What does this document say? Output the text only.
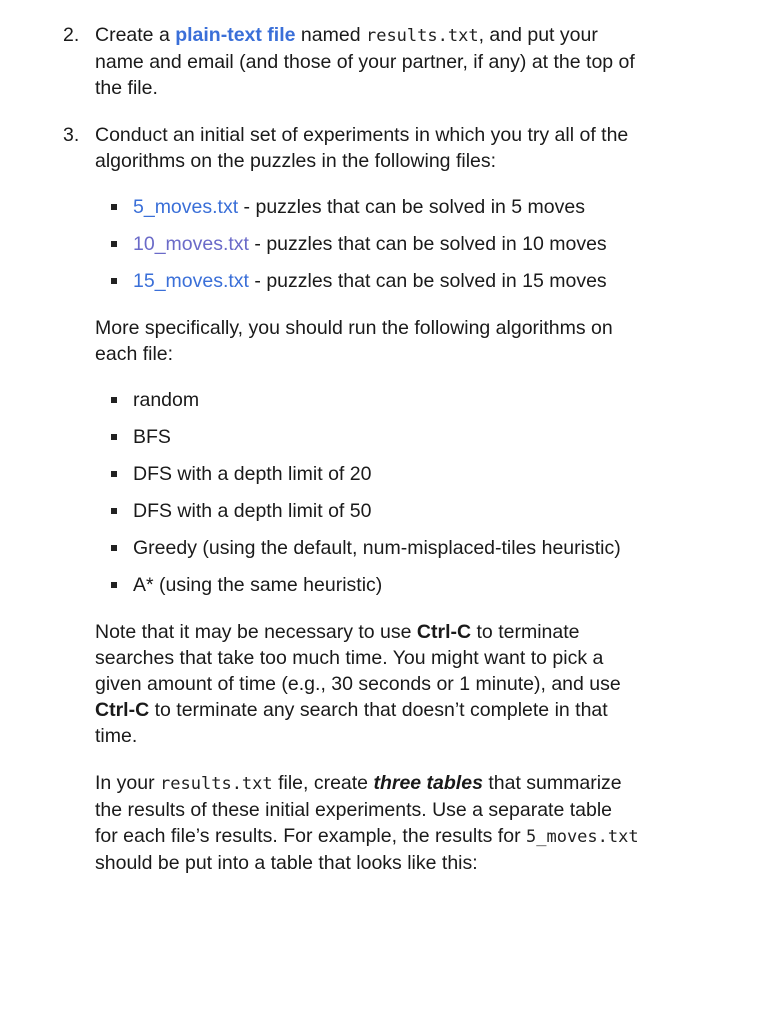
2. Create a plain-text file named results.txt, and put your name and email (and those of your partner, if any) at the top of the file.

3. Conduct an initial set of experiments in which you try all of the algorithms on the puzzles in the following files:

5_moves.txt - puzzles that can be solved in 5 moves
10_moves.txt - puzzles that can be solved in 10 moves
15_moves.txt - puzzles that can be solved in 15 moves

More specifically, you should run the following algorithms on each file:

random
BFS
DFS with a depth limit of 20
DFS with a depth limit of 50
Greedy (using the default, num-misplaced-tiles heuristic)
A* (using the same heuristic)

Note that it may be necessary to use Ctrl-C to terminate searches that take too much time. You might want to pick a given amount of time (e.g., 30 seconds or 1 minute), and use Ctrl-C to terminate any search that doesn’t complete in that time.

In your results.txt file, create three tables that summarize the results of these initial experiments. Use a separate table for each file’s results. For example, the results for 5_moves.txt should be put into a table that looks like this:
